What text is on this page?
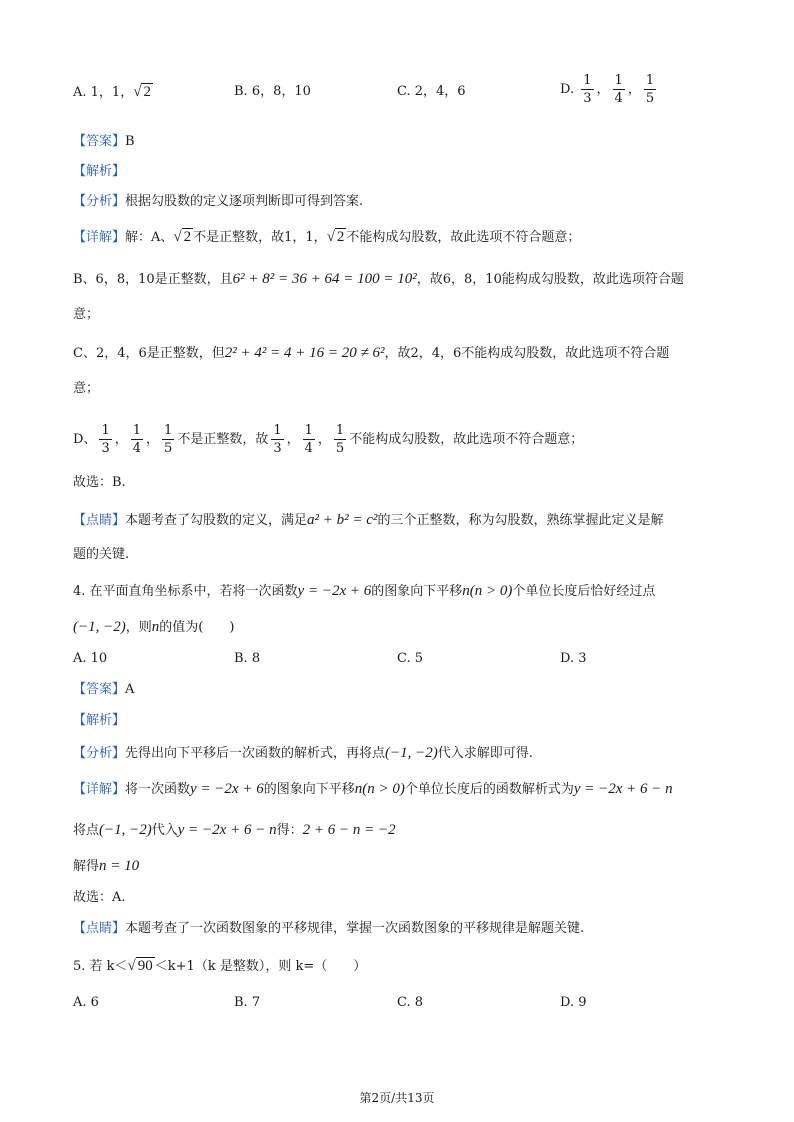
A. 1，1，√ 2	B. 6，8，10	C. 2，4，6	D. $\frac{1}{3}$ ， $\frac{1}{4}$ ， $\frac{1}{5}$
【答案】B
【解析】
【分析】根据勾股数的定义逐项判断即可得到答案.
【详解】解：A、√ 2 不是正整数，故1，1，√ 2 不能构成勾股数，故此选项不符合题意；
B、6，8，10是正整数，且6² + 8² = 36 + 64 = 100 = 10²，故6，8，10能构成勾股数，故此选项符合题
意；
C、2，4，6是正整数，但2² + 4² = 4 + 16 = 20 ≠ 6²，故2，4，6不能构成勾股数，故此选项不符合题
意；
D、 $\frac{1}{3}$ ， $\frac{1}{4}$ ， $\frac{1}{5}$ 不是正整数，故 $\frac{1}{3}$ ， $\frac{1}{4}$ ， $\frac{1}{5}$ 不能构成勾股数，故此选项不符合题意；
故选：B.
【点睛】本题考查了勾股数的定义，满足a² + b² = c²的三个正整数，称为勾股数，熟练掌握此定义是解
题的关键.
4. 在平面直角坐标系中，若将一次函数y = −2x + 6的图象向下平移n(n > 0)个单位长度后恰好经过点
(−1, −2)，则n的值为(　　)
A. 10	B. 8	C. 5	D. 3
【答案】A
【解析】
【分析】先得出向下平移后一次函数的解析式，再将点(−1, −2)代入求解即可得.
【详解】将一次函数y = −2x + 6的图象向下平移n(n > 0)个单位长度后的函数解析式为y = −2x + 6 − n
将点(−1, −2)代入y = −2x + 6 − n得：2 + 6 − n = −2
解得n = 10
故选：A.
【点睛】本题考查了一次函数图象的平移规律，掌握一次函数图象的平移规律是解题关键.
5. 若 k＜√ 90 ＜k+1（k 是整数），则 k=（　　）
A. 6	B. 7	C. 8	D. 9
第2页/共13页
